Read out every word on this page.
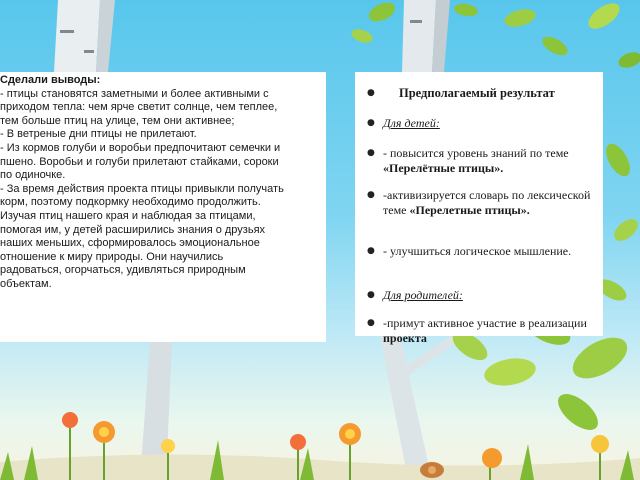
Сделали выводы:

- птицы становятся заметными и более активными с

приходом тепла: чем ярче светит солнце, чем теплее,

тем больше птиц на улице, тем они активнее;

- В ветреные дни птицы не прилетают.

- Из кормов голуби и воробьи предпочитают семечки и

пшено. Воробьи и голуби прилетают стайками, сороки

по одиночке.

- За время действия проекта птицы привыкли получать

корм, поэтому подкормку необходимо продолжить.

Изучая птиц нашего края и наблюдая за птицами,

помогая им, у детей расширились знания о друзьях

наших меньших, сформировалось эмоциональное

отношение к миру природы. Они научились

радоваться, огорчаться, удивляться природным

объектам.

●	Предполагаемый результат
● Для детей:
● - повысится уровень знаний по теме «Перелётные птицы».
● -активизируется словарь по лексической теме «Перелетные птицы».
● - улучшиться логическое мышление.
● Для родителей:
● -примут активное участие в реализации проекта
